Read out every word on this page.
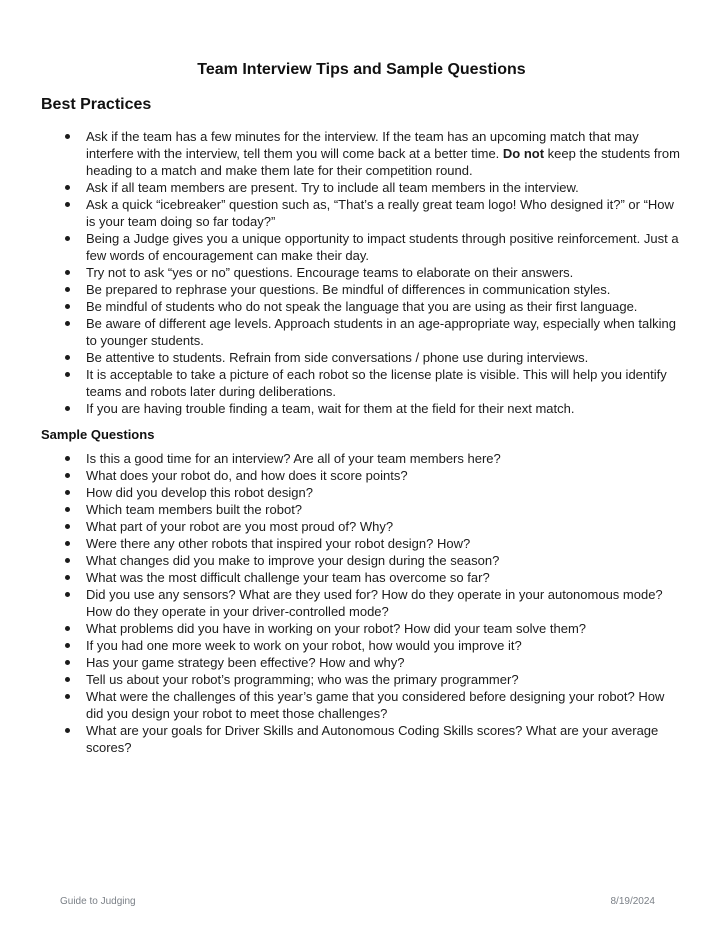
Team Interview Tips and Sample Questions
Best Practices
Ask if the team has a few minutes for the interview. If the team has an upcoming match that may interfere with the interview, tell them you will come back at a better time. Do not keep the students from heading to a match and make them late for their competition round.
Ask if all team members are present. Try to include all team members in the interview.
Ask a quick “icebreaker” question such as, “That’s a really great team logo! Who designed it?” or “How is your team doing so far today?”
Being a Judge gives you a unique opportunity to impact students through positive reinforcement. Just a few words of encouragement can make their day.
Try not to ask “yes or no” questions. Encourage teams to elaborate on their answers.
Be prepared to rephrase your questions. Be mindful of differences in communication styles.
Be mindful of students who do not speak the language that you are using as their first language.
Be aware of different age levels. Approach students in an age-appropriate way, especially when talking to younger students.
Be attentive to students. Refrain from side conversations / phone use during interviews.
It is acceptable to take a picture of each robot so the license plate is visible. This will help you identify teams and robots later during deliberations.
If you are having trouble finding a team, wait for them at the field for their next match.
Sample Questions
Is this a good time for an interview? Are all of your team members here?
What does your robot do, and how does it score points?
How did you develop this robot design?
Which team members built the robot?
What part of your robot are you most proud of? Why?
Were there any other robots that inspired your robot design? How?
What changes did you make to improve your design during the season?
What was the most difficult challenge your team has overcome so far?
Did you use any sensors? What are they used for? How do they operate in your autonomous mode? How do they operate in your driver-controlled mode?
What problems did you have in working on your robot? How did your team solve them?
If you had one more week to work on your robot, how would you improve it?
Has your game strategy been effective? How and why?
Tell us about your robot’s programming; who was the primary programmer?
What were the challenges of this year’s game that you considered before designing your robot? How did you design your robot to meet those challenges?
What are your goals for Driver Skills and Autonomous Coding Skills scores? What are your average scores?
Guide to Judging	8/19/2024
